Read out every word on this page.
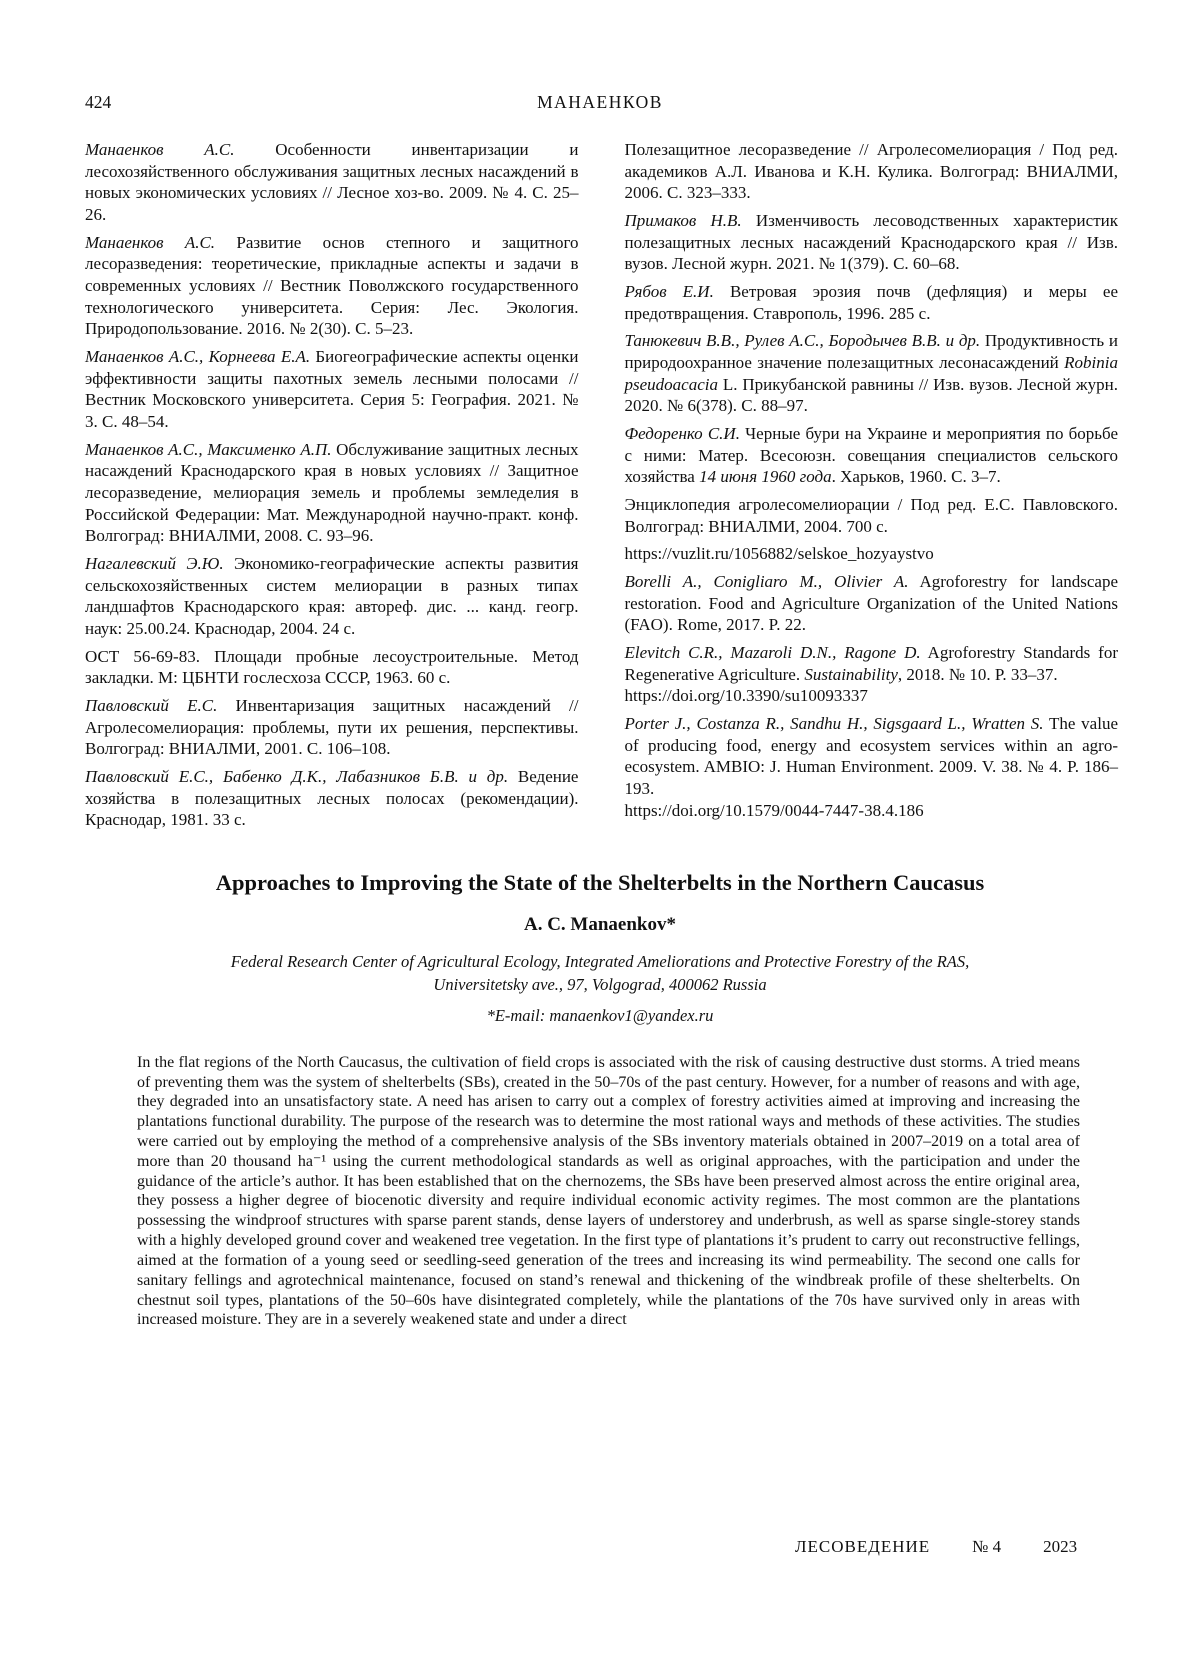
424	МАНАЕНКОВ

Манаенков А.С. Особенности инвентаризации и лесохозяйственного обслуживания защитных лесных насаждений в новых экономических условиях // Лесное хоз-во. 2009. № 4. С. 25–26.

Манаенков А.С. Развитие основ степного и защитного лесоразведения: теоретические, прикладные аспекты и задачи в современных условиях // Вестник Поволжского государственного технологического университета. Серия: Лес. Экология. Природопользование. 2016. № 2(30). С. 5–23.

Манаенков А.С., Корнеева Е.А. Биогеографические аспекты оценки эффективности защиты пахотных земель лесными полосами // Вестник Московского университета. Серия 5: География. 2021. № 3. С. 48–54.

Манаенков А.С., Максименко А.П. Обслуживание защитных лесных насаждений Краснодарского края в новых условиях // Защитное лесоразведение, мелиорация земель и проблемы земледелия в Российской Федерации: Мат. Международной научно-практ. конф. Волгоград: ВНИАЛМИ, 2008. С. 93–96.

Нагалевский Э.Ю. Экономико-географические аспекты развития сельскохозяйственных систем мелиорации в разных типах ландшафтов Краснодарского края: автореф. дис. ... канд. геогр. наук: 25.00.24. Краснодар, 2004. 24 с.

ОСТ 56-69-83. Площади пробные лесоустроительные. Метод закладки. М: ЦБНТИ гослесхоза СССР, 1963. 60 с.

Павловский Е.С. Инвентаризация защитных насаждений // Агролесомелиорация: проблемы, пути их решения, перспективы. Волгоград: ВНИАЛМИ, 2001. С. 106–108.

Павловский Е.С., Бабенко Д.К., Лабазников Б.В. и др. Ведение хозяйства в полезащитных лесных полосах (рекомендации). Краснодар, 1981. 33 с.

Полезащитное лесоразведение // Агролесомелиорация / Под ред. академиков А.Л. Иванова и К.Н. Кулика. Волгоград: ВНИАЛМИ, 2006. С. 323–333.

Примаков Н.В. Изменчивость лесоводственных характеристик полезащитных лесных насаждений Краснодарского края // Изв. вузов. Лесной журн. 2021. № 1(379). С. 60–68.

Рябов Е.И. Ветровая эрозия почв (дефляция) и меры ее предотвращения. Ставрополь, 1996. 285 с.

Танюкевич В.В., Рулев А.С., Бородычев В.В. и др. Продуктивность и природоохранное значение полезащитных лесонасаждений Robinia pseudoacacia L. Прикубанской равнины // Изв. вузов. Лесной журн. 2020. № 6(378). С. 88–97.

Федоренко С.И. Черные бури на Украине и мероприятия по борьбе с ними: Матер. Всесоюзн. совещания специалистов сельского хозяйства 14 июня 1960 года. Харьков, 1960. С. 3–7.

Энциклопедия агролесомелиорации / Под ред. Е.С. Павловского. Волгоград: ВНИАЛМИ, 2004. 700 с.

https://vuzlit.ru/1056882/selskoe_hozyaystvo

Borelli A., Conigliaro M., Olivier A. Agroforestry for landscape restoration. Food and Agriculture Organization of the United Nations (FAO). Rome, 2017. P. 22.

Elevitch C.R., Mazaroli D.N., Ragone D. Agroforestry Standards for Regenerative Agriculture. Sustainability, 2018. № 10. P. 33–37.
https://doi.org/10.3390/su10093337

Porter J., Costanza R., Sandhu H., Sigsgaard L., Wratten S. The value of producing food, energy and ecosystem services within an agro-ecosystem. AMBIO: J. Human Environment. 2009. V. 38. № 4. P. 186–193.
https://doi.org/10.1579/0044-7447-38.4.186

Approaches to Improving the State of the Shelterbelts in the Northern Caucasus
A. C. Manaenkov*
Federal Research Center of Agricultural Ecology, Integrated Ameliorations and Protective Forestry of the RAS,
Universitetsky ave., 97, Volgograd, 400062 Russia
*E-mail: manaenkov1@yandex.ru

In the flat regions of the North Caucasus, the cultivation of field crops is associated with the risk of causing destructive dust storms. A tried means of preventing them was the system of shelterbelts (SBs), created in the 50–70s of the past century. However, for a number of reasons and with age, they degraded into an unsatisfactory state. A need has arisen to carry out a complex of forestry activities aimed at improving and increasing the plantations functional durability. The purpose of the research was to determine the most rational ways and methods of these activities. The studies were carried out by employing the method of a comprehensive analysis of the SBs inventory materials obtained in 2007–2019 on a total area of more than 20 thousand ha⁻¹ using the current methodological standards as well as original approaches, with the participation and under the guidance of the article’s author. It has been established that on the chernozems, the SBs have been preserved almost across the entire original area, they possess a higher degree of biocenotic diversity and require individual economic activity regimes. The most common are the plantations possessing the windproof structures with sparse parent stands, dense layers of understorey and underbrush, as well as sparse single-storey stands with a highly developed ground cover and weakened tree vegetation. In the first type of plantations it’s prudent to carry out reconstructive fellings, aimed at the formation of a young seed or seedling-seed generation of the trees and increasing its wind permeability. The second one calls for sanitary fellings and agrotechnical maintenance, focused on stand’s renewal and thickening of the windbreak profile of these shelterbelts. On chestnut soil types, plantations of the 50–60s have disintegrated completely, while the plantations of the 70s have survived only in areas with increased moisture. They are in a severely weakened state and under a direct

ЛЕСОВЕДЕНИЕ № 4 2023
